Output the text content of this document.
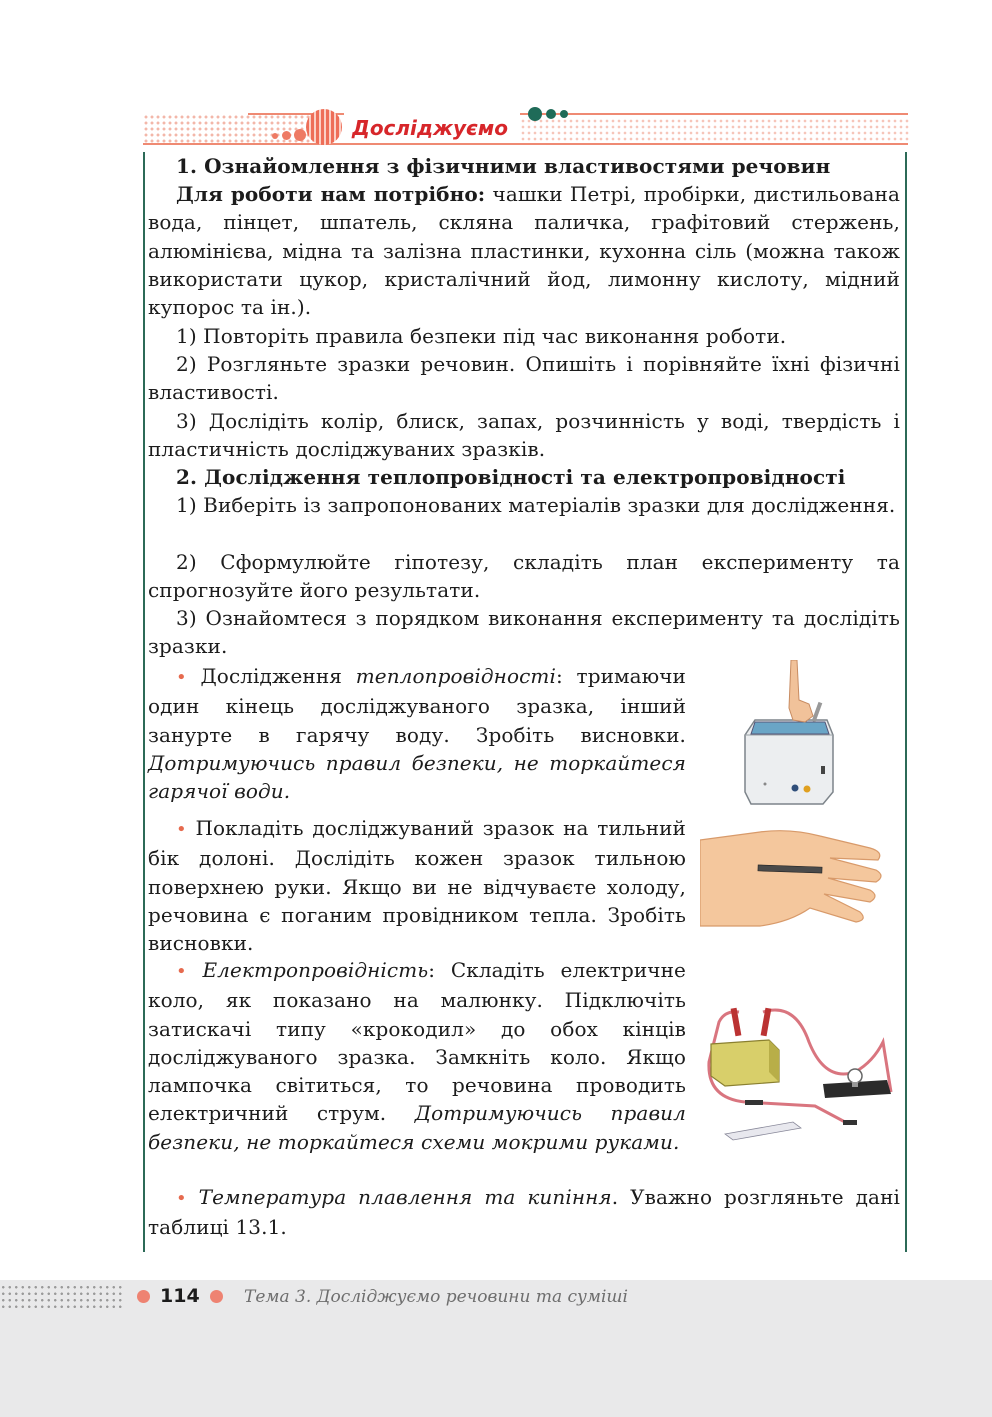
Досліджуємо
1. Ознайомлення з фізичними властивостями речовин
Для роботи нам потрібно: чашки Петрі, пробірки, дистильована вода, пінцет, шпатель, скляна паличка, графітовий стержень, алюмінієва, мідна та залізна пластинки, кухонна сіль (можна також використати цукор, кристалічний йод, лимонну кислоту, мідний купорос та ін.).
1) Повторіть правила безпеки під час виконання роботи.
2) Розгляньте зразки речовин. Опишіть і порівняйте їхні фізичні властивості.
3) Дослідіть колір, блиск, запах, розчинність у воді, твердість і пластичність досліджуваних зразків.
2. Дослідження теплопровідності та електропровідності
1) Виберіть із запропонованих матеріалів зразки для дослідження.
2) Сформулюйте гіпотезу, складіть план експерименту та спрогнозуйте його результати.
3) Ознайомтеся з порядком виконання експерименту та дослідіть зразки.
• Дослідження теплопровідності: тримаючи один кінець досліджуваного зразка, інший занурте в гарячу воду. Зробіть висновки. Дотримуючись правил безпеки, не торкайтеся гарячої води.
• Покладіть досліджуваний зразок на тильний бік долоні. Дослідіть кожен зразок тильною поверхнею руки. Якщо ви не відчуваєте холоду, речовина є поганим провідником тепла. Зробіть висновки.
• Електропровідність: Складіть електричне коло, як показано на малюнку. Підключіть затискачі типу «крокодил» до обох кінців досліджуваного зразка. Замкніть коло. Якщо лампочка світиться, то речовина проводить електричний струм. Дотримуючись правил безпеки, не торкайтеся схеми мокрими руками.
• Температура плавлення та кипіння. Уважно розгляньте дані таблиці 13.1.
114	Тема 3. Досліджуємо речовини та суміші
